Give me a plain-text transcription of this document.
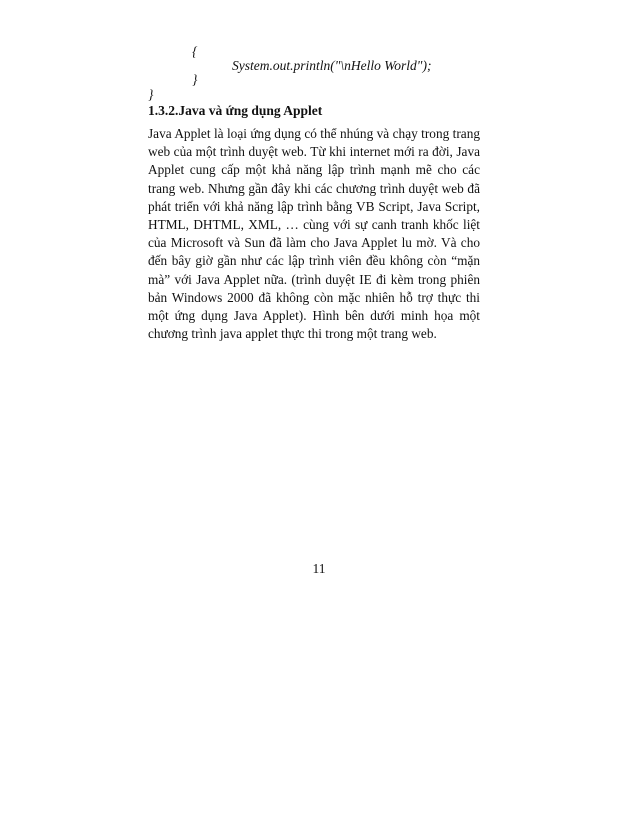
{
System.out.println("\nHello World");
}
}
1.3.2.Java và ứng dụng Applet
Java Applet là loại ứng dụng có thể nhúng và chạy trong trang web của một trình duyệt web. Từ khi internet mới ra đời, Java Applet cung cấp một khả năng lập trình mạnh mẽ cho các trang web. Nhưng gần đây khi các chương trình duyệt web đã phát triển với khả năng lập trình bằng VB Script, Java Script, HTML, DHTML, XML, … cùng với sự canh tranh khốc liệt của Microsoft và Sun đã làm cho Java Applet lu mờ. Và cho đến bây giờ gần như các lập trình viên đều không còn “mặn mà” với Java Applet nữa. (trình duyệt IE đi kèm trong phiên bản Windows 2000 đã không còn mặc nhiên hỗ trợ thực thi một ứng dụng Java Applet). Hình bên dưới minh họa một chương trình java applet thực thi trong một trang web.
11
